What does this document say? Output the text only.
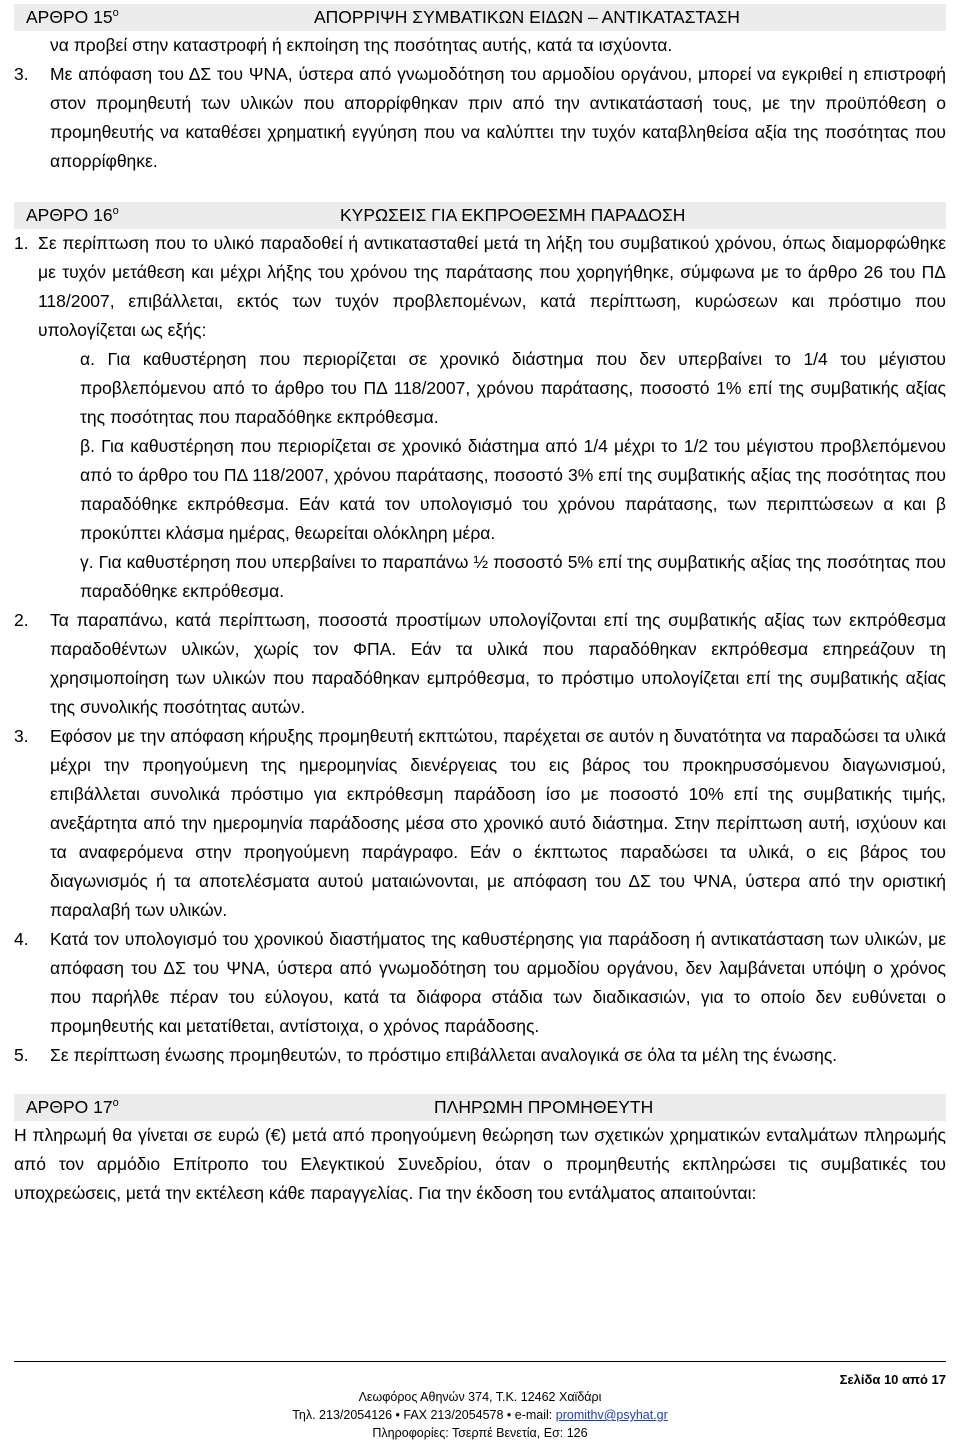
ΑΡΘΡΟ $15^o$	ΑΠΟΡΡΙΨΗ ΣΥΜΒΑΤΙΚΩΝ ΕΙΔΩΝ – ΑΝΤΙΚΑΤΑΣΤΑΣΗ
να προβεί στην καταστροφή ή εκποίηση της ποσότητας αυτής, κατά τα ισχύοντα.
3.	Με απόφαση του ΔΣ του ΨΝΑ, ύστερα από γνωμοδότηση του αρμοδίου οργάνου, μπορεί να εγκριθεί η επιστροφή στον προμηθευτή των υλικών που απορρίφθηκαν πριν από την αντικατάστασή τους, με την προϋπόθεση ο προμηθευτής να καταθέσει χρηματική εγγύηση που να καλύπτει την τυχόν καταβληθείσα αξία της ποσότητας που απορρίφθηκε.
ΑΡΘΡΟ $16^o$	ΚΥΡΩΣΕΙΣ ΓΙΑ ΕΚΠΡΟΘΕΣΜΗ ΠΑΡΑΔΟΣΗ
1. Σε περίπτωση που το υλικό παραδοθεί ή αντικατασταθεί μετά τη λήξη του συμβατικού χρόνου, όπως διαμορφώθηκε με τυχόν μετάθεση και μέχρι λήξης του χρόνου της παράτασης που χορηγήθηκε, σύμφωνα με το άρθρο 26 του ΠΔ 118/2007, επιβάλλεται, εκτός των τυχόν προβλεπομένων, κατά περίπτωση, κυρώσεων και πρόστιμο που υπολογίζεται ως εξής:
α. Για καθυστέρηση που περιορίζεται σε χρονικό διάστημα που δεν υπερβαίνει το 1/4 του μέγιστου προβλεπόμενου από το άρθρο του ΠΔ 118/2007, χρόνου παράτασης, ποσοστό 1% επί της συμβατικής αξίας της ποσότητας που παραδόθηκε εκπρόθεσμα.
β. Για καθυστέρηση που περιορίζεται σε χρονικό διάστημα από 1/4 μέχρι το 1/2 του μέγιστου προβλεπόμενου από το άρθρο του ΠΔ 118/2007, χρόνου παράτασης, ποσοστό 3% επί της συμβατικής αξίας της ποσότητας που παραδόθηκε εκπρόθεσμα. Εάν κατά τον υπολογισμό του χρόνου παράτασης, των περιπτώσεων α και β προκύπτει κλάσμα ημέρας, θεωρείται ολόκληρη μέρα.
γ. Για καθυστέρηση που υπερβαίνει το παραπάνω ½ ποσοστό 5% επί της συμβατικής αξίας της ποσότητας που παραδόθηκε εκπρόθεσμα.
2.	Τα παραπάνω, κατά περίπτωση, ποσοστά προστίμων υπολογίζονται επί της συμβατικής αξίας των εκπρόθεσμα παραδοθέντων υλικών, χωρίς τον ΦΠΑ. Εάν τα υλικά που παραδόθηκαν εκπρόθεσμα επηρεάζουν τη χρησιμοποίηση των υλικών που παραδόθηκαν εμπρόθεσμα, το πρόστιμο υπολογίζεται επί της συμβατικής αξίας της συνολικής ποσότητας αυτών.
3.	Εφόσον με την απόφαση κήρυξης προμηθευτή εκπτώτου, παρέχεται σε αυτόν η δυνατότητα να παραδώσει τα υλικά μέχρι την προηγούμενη της ημερομηνίας διενέργειας του εις βάρος του προκηρυσσόμενου διαγωνισμού, επιβάλλεται συνολικά πρόστιμο για εκπρόθεσμη παράδοση ίσο με ποσοστό 10% επί της συμβατικής τιμής, ανεξάρτητα από την ημερομηνία παράδοσης μέσα στο χρονικό αυτό διάστημα. Στην περίπτωση αυτή, ισχύουν και τα αναφερόμενα στην προηγούμενη παράγραφο. Εάν ο έκπτωτος παραδώσει τα υλικά, ο εις βάρος του διαγωνισμός ή τα αποτελέσματα αυτού ματαιώνονται, με απόφαση του ΔΣ του ΨΝΑ, ύστερα από την οριστική παραλαβή των υλικών.
4.	Κατά τον υπολογισμό του χρονικού διαστήματος της καθυστέρησης για παράδοση ή αντικατάσταση των υλικών, με απόφαση του ΔΣ του ΨΝΑ, ύστερα από γνωμοδότηση του αρμοδίου οργάνου, δεν λαμβάνεται υπόψη ο χρόνος που παρήλθε πέραν του εύλογου, κατά τα διάφορα στάδια των διαδικασιών, για το οποίο δεν ευθύνεται ο προμηθευτής και μετατίθεται, αντίστοιχα, ο χρόνος παράδοσης.
5.	Σε περίπτωση ένωσης προμηθευτών, το πρόστιμο επιβάλλεται αναλογικά σε όλα τα μέλη της ένωσης.
ΑΡΘΡΟ $17^o$	ΠΛΗΡΩΜΗ ΠΡΟΜΗΘΕΥΤΗ

Η πληρωμή θα γίνεται σε ευρώ (€) μετά από προηγούμενη θεώρηση των σχετικών χρηματικών ενταλμάτων πληρωμής από τον αρμόδιο Επίτροπο του Ελεγκτικού Συνεδρίου, όταν ο προμηθευτής εκπληρώσει τις συμβατικές του υποχρεώσεις, μετά την εκτέλεση κάθε παραγγελίας. Για την έκδοση του εντάλματος απαιτούνται:

Σελίδα 10 από 17
Λεωφόρος Αθηνών 374, Τ.Κ. 12462 Χαϊδάρι
Τηλ. 213/2054126 • FAX 213/2054578 • e-mail: promithv@psyhat.gr
Πληροφορίες: Τσερπέ Βενετία, Εσ: 126
